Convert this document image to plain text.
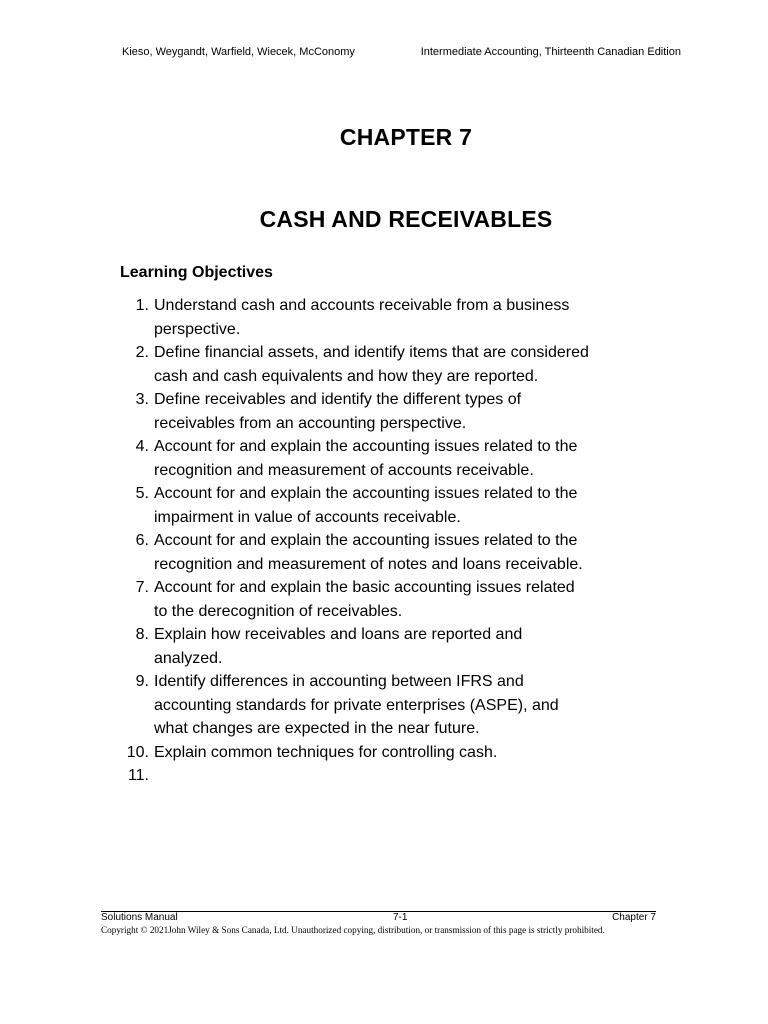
Kieso, Weygandt, Warfield, Wiecek, McConomy	Intermediate Accounting, Thirteenth Canadian Edition
CHAPTER 7
CASH AND RECEIVABLES
Learning Objectives
1. Understand cash and accounts receivable from a business
perspective.
2. Define financial assets, and identify items that are considered
cash and cash equivalents and how they are reported.
3. Define receivables and identify the different types of
receivables from an accounting perspective.
4. Account for and explain the accounting issues related to the
recognition and measurement of accounts receivable.
5. Account for and explain the accounting issues related to the
impairment in value of accounts receivable.
6. Account for and explain the accounting issues related to the
recognition and measurement of notes and loans receivable.
7. Account for and explain the basic accounting issues related
to the derecognition of receivables.
8. Explain how receivables and loans are reported and
analyzed.
9. Identify differences in accounting between IFRS and
accounting standards for private enterprises (ASPE), and
what changes are expected in the near future.
10. Explain common techniques for controlling cash.
11.
Solutions Manual	7-1	Chapter 7
Copyright © 2021John Wiley & Sons Canada, Ltd. Unauthorized copying, distribution, or transmission of this page is strictly prohibited.
